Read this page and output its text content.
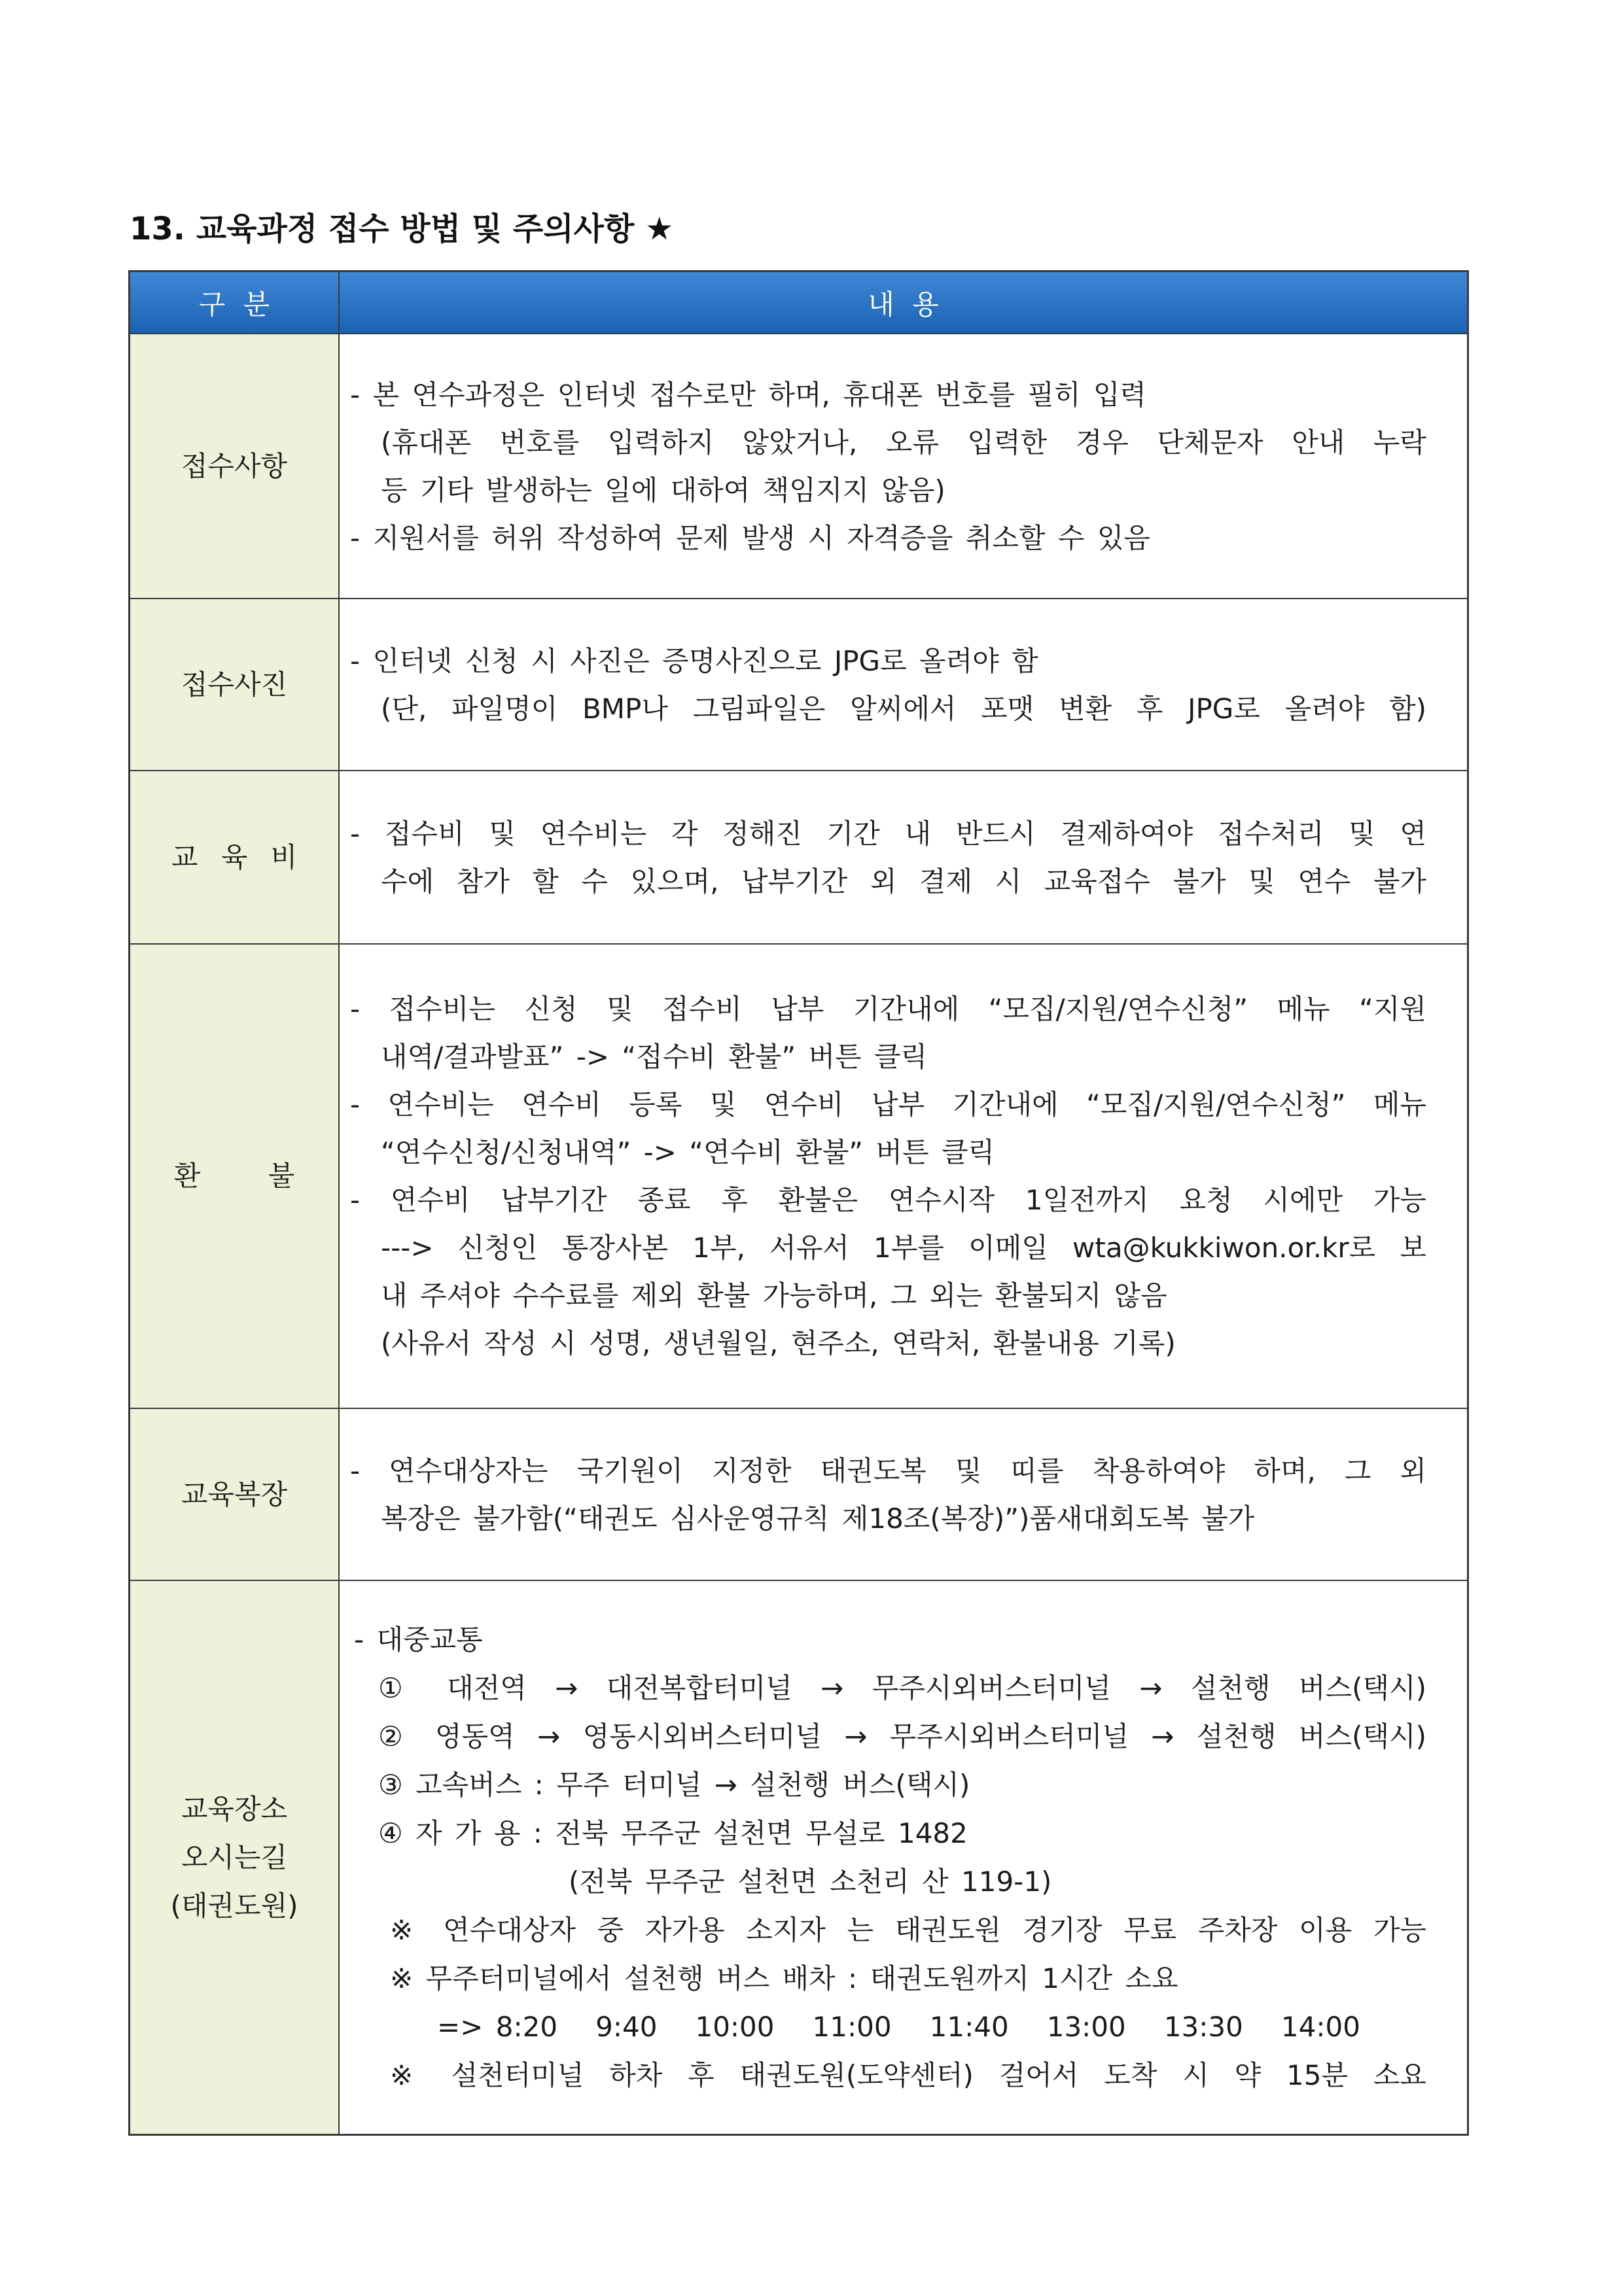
13. 교육과정 접수 방법 및 주의사항 ★
구 분	내 용
접수사항
- 본 연수과정은 인터넷 접수로만 하며, 휴대폰 번호를 필히 입력
(휴대폰 번호를 입력하지 않았거나, 오류 입력한 경우 단체문자 안내 누락
등 기타 발생하는 일에 대하여 책임지지 않음)
- 지원서를 허위 작성하여 문제 발생 시 자격증을 취소할 수 있음
접수사진
- 인터넷 신청 시 사진은 증명사진으로 JPG로 올려야 함
(단, 파일명이 BMP나 그림파일은 알씨에서 포맷 변환 후 JPG로 올려야 함)
교 육 비
- 접수비 및 연수비는 각 정해진 기간 내 반드시 결제하여야 접수처리 및 연
수에 참가 할 수 있으며, 납부기간 외 결제 시 교육접수 불가 및 연수 불가
환 불
- 접수비는 신청 및 접수비 납부 기간내에 “모집/지원/연수신청” 메뉴 “지원
내역/결과발표” -> “접수비 환불” 버튼 클릭
- 연수비는 연수비 등록 및 연수비 납부 기간내에 “모집/지원/연수신청” 메뉴
“연수신청/신청내역” -> “연수비 환불” 버튼 클릭
- 연수비 납부기간 종료 후 환불은 연수시작 1일전까지 요청 시에만 가능
---> 신청인 통장사본 1부, 서유서 1부를 이메일 wta@kukkiwon.or.kr로 보
내 주셔야 수수료를 제외 환불 가능하며, 그 외는 환불되지 않음
(사유서 작성 시 성명, 생년월일, 현주소, 연락처, 환불내용 기록)
교육복장
- 연수대상자는 국기원이 지정한 태권도복 및 띠를 착용하여야 하며, 그 외
복장은 불가함(“태권도 심사운영규칙 제18조(복장)”)품새대회도복 불가
교육장소
오시는길
(태권도원)
- 대중교통
① 대전역 → 대전복합터미널 → 무주시외버스터미널 → 설천행 버스(택시)
② 영동역 → 영동시외버스터미널 → 무주시외버스터미널 → 설천행 버스(택시)
③ 고속버스 : 무주 터미널 → 설천행 버스(택시)
④ 자 가 용 : 전북 무주군 설천면 무설로 1482
(전북 무주군 설천면 소천리 산 119-1)
※ 연수대상자 중 자가용 소지자 는 태권도원 경기장 무료 주차장 이용 가능
※ 무주터미널에서 설천행 버스 배차 : 태권도원까지 1시간 소요
=> 8:20   9:40   10:00   11:00   11:40   13:00   13:30   14:00
※ 설천터미널 하차 후 태권도원(도약센터) 걸어서 도착 시 약 15분 소요
